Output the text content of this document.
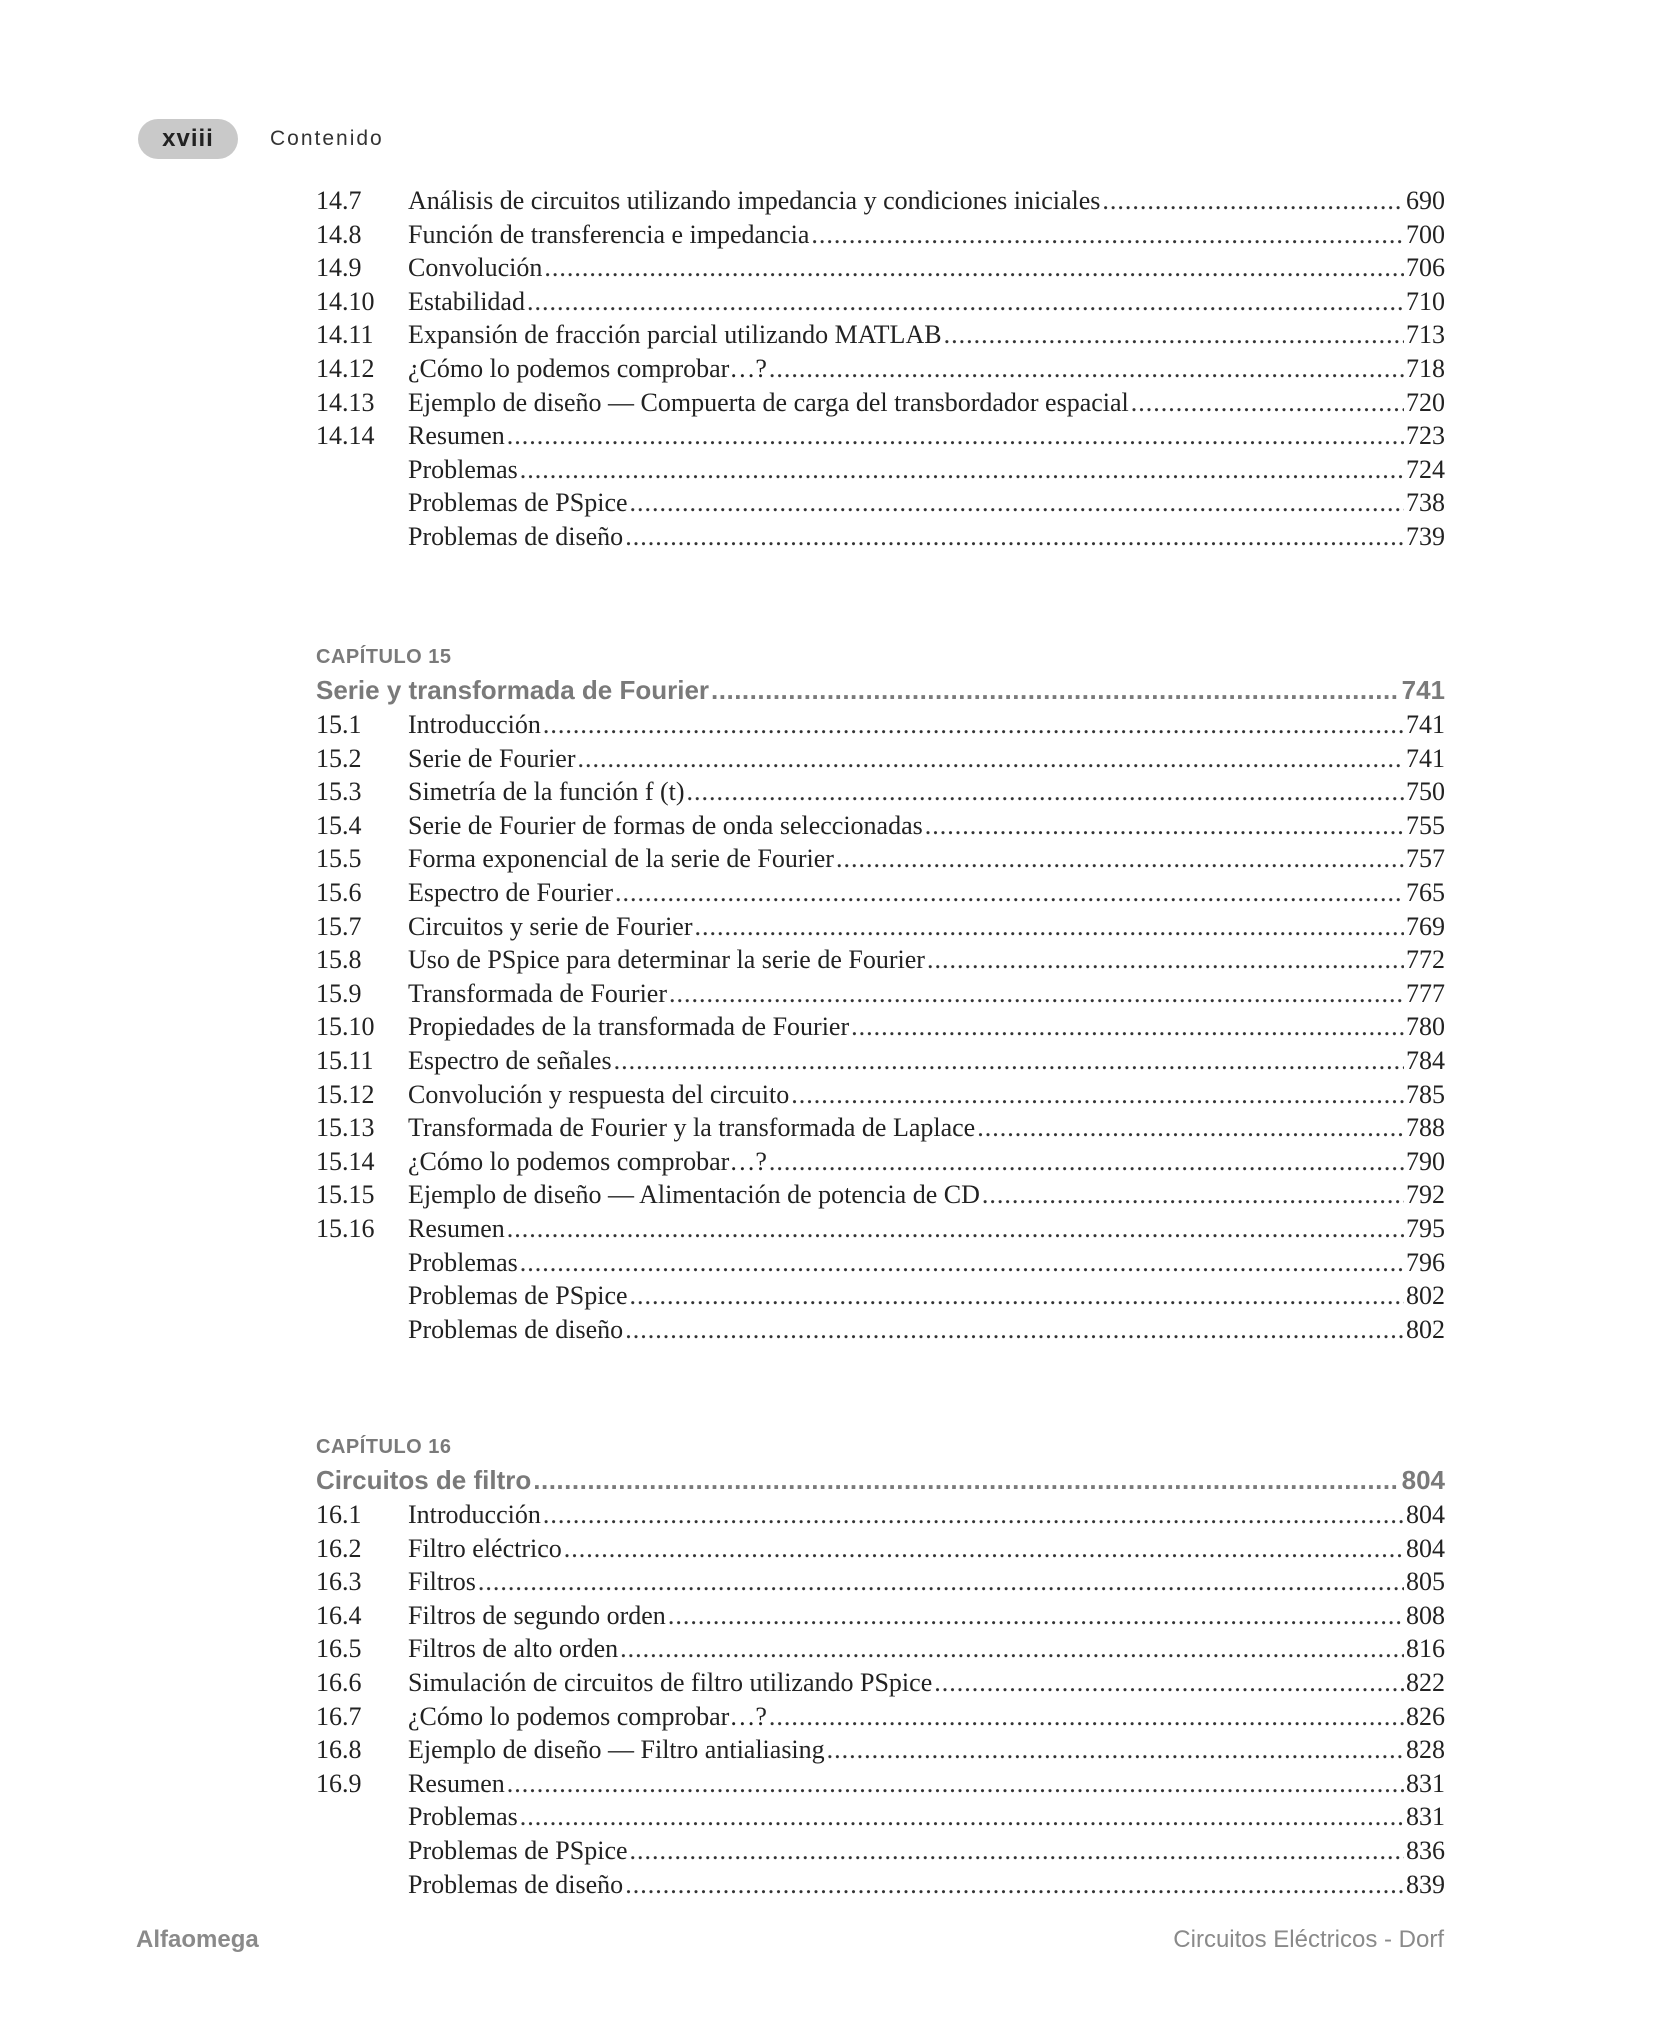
xviii	Contenido
14.7	Análisis de circuitos utilizando impedancia y condiciones iniciales .....	690
14.8	Función de transferencia e impedancia .....	700
14.9	Convolución .....	706
14.10	Estabilidad .....	710
14.11	Expansión de fracción parcial utilizando MATLAB .....	713
14.12	¿Cómo lo podemos comprobar…? .....	718
14.13	Ejemplo de diseño — Compuerta de carga del transbordador espacial .....	720
14.14	Resumen .....	723
Problemas .....	724
Problemas de PSpice .....	738
Problemas de diseño .....	739
CAPÍTULO 15
Serie y transformada de Fourier .....	741
15.1	Introducción .....	741
15.2	Serie de Fourier .....	741
15.3	Simetría de la función f (t) .....	750
15.4	Serie de Fourier de formas de onda seleccionadas .....	755
15.5	Forma exponencial de la serie de Fourier .....	757
15.6	Espectro de Fourier .....	765
15.7	Circuitos y serie de Fourier .....	769
15.8	Uso de PSpice para determinar la serie de Fourier .....	772
15.9	Transformada de Fourier .....	777
15.10	Propiedades de la transformada de Fourier .....	780
15.11	Espectro de señales .....	784
15.12	Convolución y respuesta del circuito .....	785
15.13	Transformada de Fourier y la transformada de Laplace .....	788
15.14	¿Cómo lo podemos comprobar…? .....	790
15.15	Ejemplo de diseño — Alimentación de potencia de CD .....	792
15.16	Resumen .....	795
Problemas .....	796
Problemas de PSpice .....	802
Problemas de diseño .....	802
CAPÍTULO 16
Circuitos de filtro .....	804
16.1	Introducción .....	804
16.2	Filtro eléctrico .....	804
16.3	Filtros .....	805
16.4	Filtros de segundo orden .....	808
16.5	Filtros de alto orden .....	816
16.6	Simulación de circuitos de filtro utilizando PSpice .....	822
16.7	¿Cómo lo podemos comprobar…? .....	826
16.8	Ejemplo de diseño — Filtro antialiasing .....	828
16.9	Resumen .....	831
Problemas .....	831
Problemas de PSpice .....	836
Problemas de diseño .....	839
Alfaomega	Circuitos Eléctricos - Dorf
